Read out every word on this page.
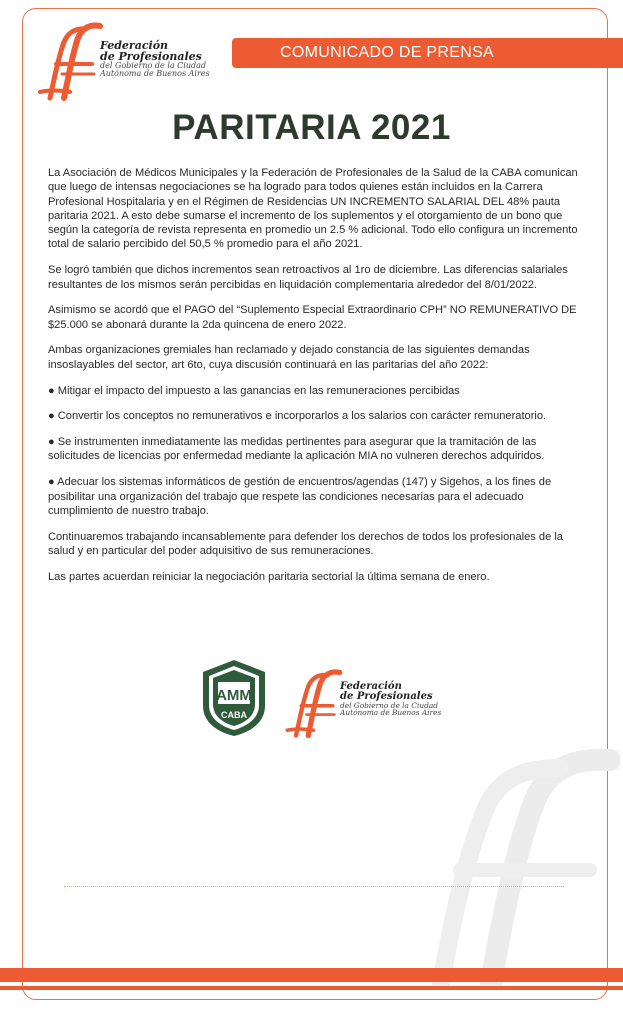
Federación
de Profesionales
del Gobierno de la Ciudad
Autónoma de Buenos Aires
COMUNICADO DE PRENSA
PARITARIA 2021

La Asociación de Médicos Municipales y la Federación de Profesionales de la Salud de la CABA comunican que luego de intensas negociaciones se ha logrado para todos quienes están incluidos en la Carrera Profesional Hospitalaria y en el Régimen de Residencias UN INCREMENTO SALARIAL DEL 48% pauta paritaria 2021. A esto debe sumarse el incremento de los suplementos y el otorgamiento de un bono que según la categoría de revista representa en promedio un 2.5 % adicional. Todo ello configura un incremento total de salario percibido del 50,5 % promedio para el año 2021.

Se logró también que dichos incrementos sean retroactivos al 1ro de diciembre. Las diferencias salariales resultantes de los mismos serán percibidas en liquidación complementaria alrededor del 8/01/2022.

Asimismo se acordó que el PAGO del “Suplemento Especial Extraordinario CPH” NO REMUNERATIVO DE $25.000 se abonará durante la 2da quincena de enero 2022.

Ambas organizaciones gremiales han reclamado y dejado constancia de las siguientes demandas insoslayables del sector, art 6to, cuya discusión continuará en las paritarias del año 2022:

● Mitigar el impacto del impuesto a las ganancias en las remuneraciones percibidas

● Convertir los conceptos no remunerativos e incorporarlos a los salarios con carácter remuneratorio.

● Se instrumenten inmediatamente las medidas pertinentes para asegurar que la tramitación de las solicitudes de licencias por enfermedad mediante la aplicación MIA no vulneren derechos adquiridos.

● Adecuar los sistemas informáticos de gestión de encuentros/agendas (147) y Sigehos, a los fines de posibilitar una organización del trabajo que respete las condiciones necesarias para el adecuado cumplimiento de nuestro trabajo.

Continuaremos trabajando incansablemente para defender los derechos de todos los profesionales de la salud y en particular del poder adquisitivo de sus remuneraciones.

Las partes acuerdan reiniciar la negociación paritaria sectorial la última semana de enero.

AMM
CABA
Federación
de Profesionales
del Gobierno de la Ciudad
Autónoma de Buenos Aires
